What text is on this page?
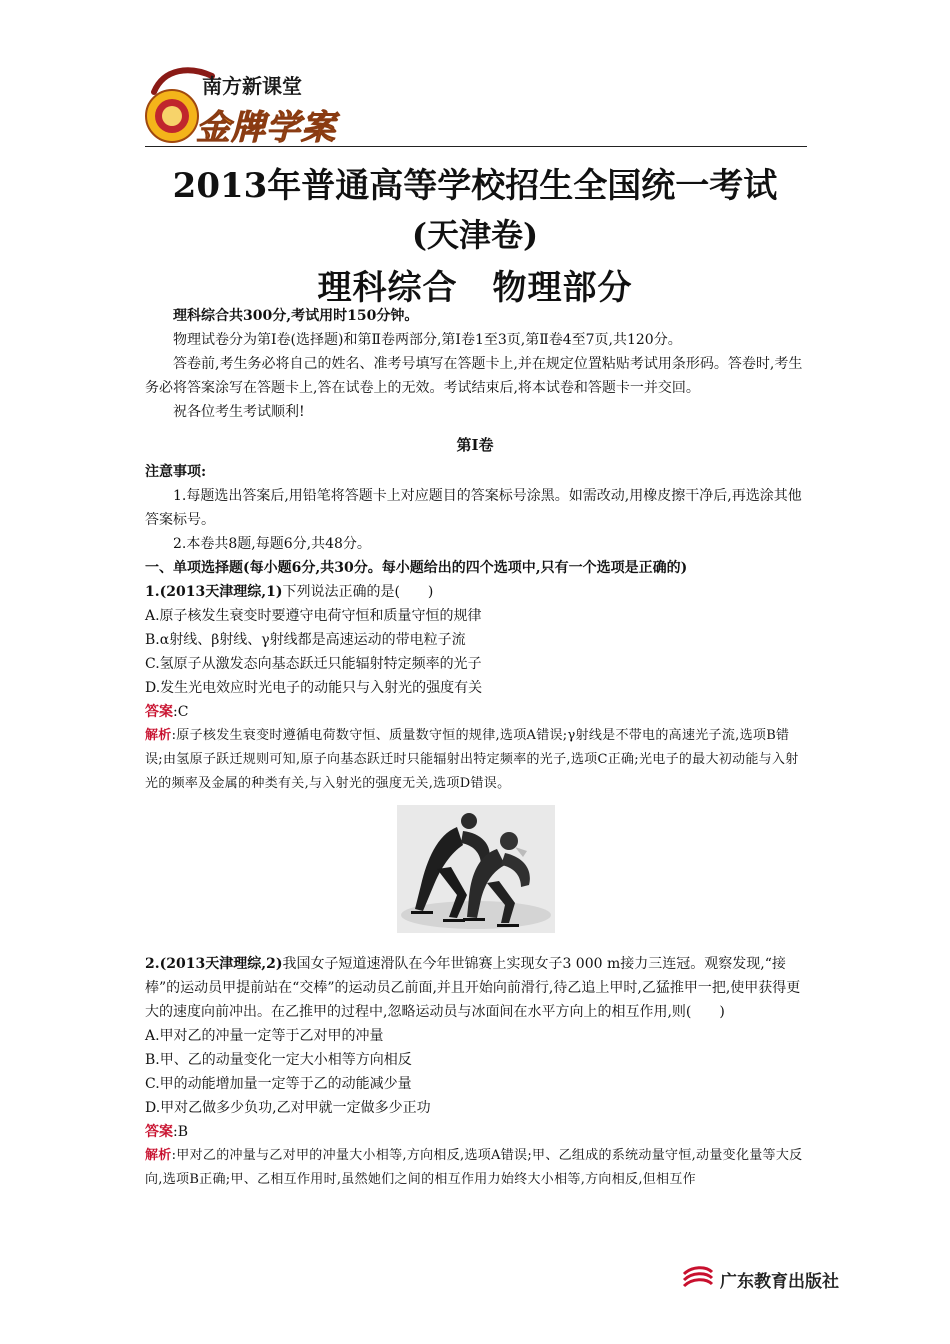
南方新课堂
金牌学案
2013年普通高等学校招生全国统一考试
(天津卷)
理科综合　物理部分

理科综合共300分,考试用时150分钟。

物理试卷分为第Ⅰ卷(选择题)和第Ⅱ卷两部分,第Ⅰ卷1至3页,第Ⅱ卷4至7页,共120分。

答卷前,考生务必将自己的姓名、准考号填写在答题卡上,并在规定位置粘贴考试用条形码。答卷时,考生务必将答案涂写在答题卡上,答在试卷上的无效。考试结束后,将本试卷和答题卡一并交回。

祝各位考生考试顺利!

第Ⅰ卷

注意事项:

1.每题选出答案后,用铅笔将答题卡上对应题目的答案标号涂黑。如需改动,用橡皮擦干净后,再选涂其他答案标号。

2.本卷共8题,每题6分,共48分。

一、单项选择题(每小题6分,共30分。每小题给出的四个选项中,只有一个选项是正确的)

1.(2013天津理综,1)下列说法正确的是(　　)

A.原子核发生衰变时要遵守电荷守恒和质量守恒的规律

B.α射线、β射线、γ射线都是高速运动的带电粒子流

C.氢原子从激发态向基态跃迁只能辐射特定频率的光子

D.发生光电效应时光电子的动能只与入射光的强度有关

答案:C

解析:原子核发生衰变时遵循电荷数守恒、质量数守恒的规律,选项A错误;γ射线是不带电的高速光子流,选项B错误;由氢原子跃迁规则可知,原子向基态跃迁时只能辐射出特定频率的光子,选项C正确;光电子的最大初动能与入射光的频率及金属的种类有关,与入射光的强度无关,选项D错误。

2.(2013天津理综,2)我国女子短道速滑队在今年世锦赛上实现女子3 000 m接力三连冠。观察发现,“接棒”的运动员甲提前站在“交棒”的运动员乙前面,并且开始向前滑行,待乙追上甲时,乙猛推甲一把,使甲获得更大的速度向前冲出。在乙推甲的过程中,忽略运动员与冰面间在水平方向上的相互作用,则(　　)

A.甲对乙的冲量一定等于乙对甲的冲量

B.甲、乙的动量变化一定大小相等方向相反

C.甲的动能增加量一定等于乙的动能减少量

D.甲对乙做多少负功,乙对甲就一定做多少正功

答案:B

解析:甲对乙的冲量与乙对甲的冲量大小相等,方向相反,选项A错误;甲、乙组成的系统动量守恒,动量变化量等大反向,选项B正确;甲、乙相互作用时,虽然她们之间的相互作用力始终大小相等,方向相反,但相互作

广东教育出版社
